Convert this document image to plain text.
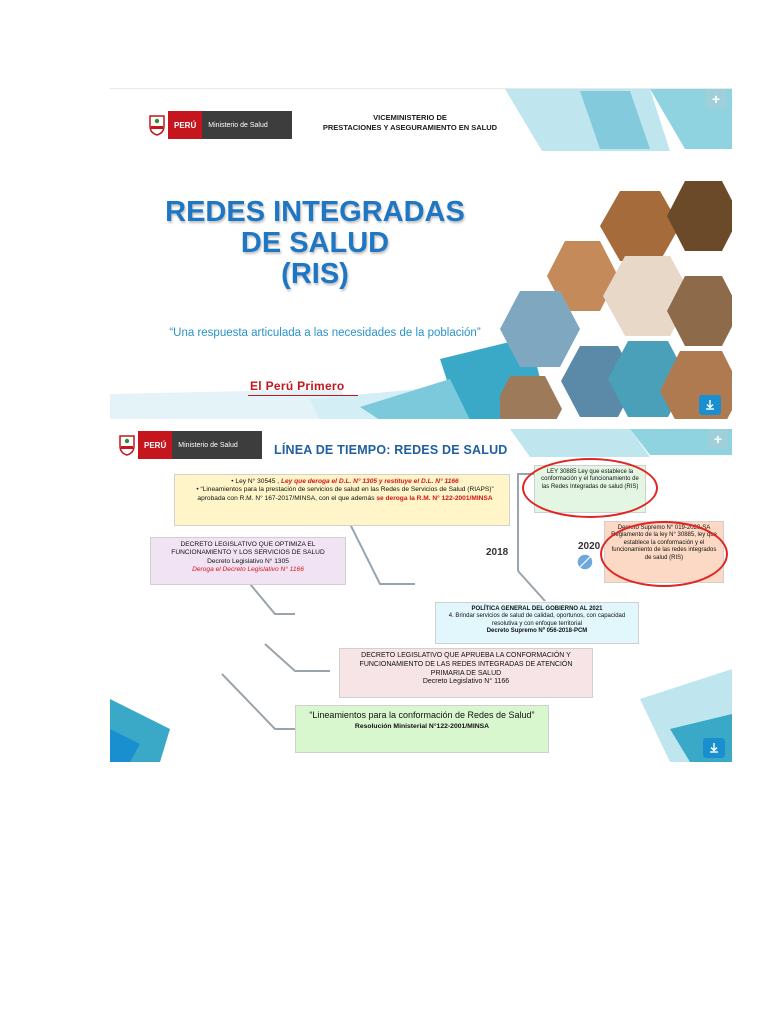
PERÚ	Ministerio de Salud
VICEMINISTERIO DE
PRESTACIONES Y ASEGURAMIENTO EN SALUD
+
REDES INTEGRADAS
DE SALUD
(RIS)
“Una respuesta articulada a las necesidades de la población”
El Perú Primero
PERÚ	Ministerio de Salud	LÍNEA DE TIEMPO: REDES DE SALUD
+
2018
2020
• Ley N° 30545 , Ley que deroga el D.L. N° 1305 y restituye el D.L. N° 1166
• “Lineamientos para la prestación de servicios de salud en las Redes de Servicios de Salud (RIAPS)” aprobada con R.M. N° 167-2017/MINSA, con el que además se deroga la R.M. N° 122-2001/MINSA
DECRETO LEGISLATIVO QUE OPTIMIZA EL FUNCIONAMIENTO Y LOS SERVICIOS DE SALUD
Decreto Legislativo N° 1305
Deroga el Decreto Legislativo N° 1166
LEY 30885 Ley que establece la conformación y el funcionamiento de las Redes Integradas de salud (RIS)
Decreto Supremo N° 019-2020-SA Reglamento de la ley N° 30885, ley que establece la conformación y el funcionamiento de las redes integrados de salud (RIS)
POLÍTICA GENERAL DEL GOBIERNO AL 2021
4. Brindar servicios de salud de calidad, oportunos, con capacidad resolutiva y con enfoque territorial
Decreto Supremo Nº 056-2018-PCM
DECRETO LEGISLATIVO QUE APRUEBA LA CONFORMACIÓN Y FUNCIONAMIENTO DE LAS REDES INTEGRADAS DE ATENCIÓN PRIMARIA DE SALUD
Decreto Legislativo N° 1166
“Lineamientos para la conformación de Redes de Salud”
Resolución Ministerial N°122-2001/MINSA
